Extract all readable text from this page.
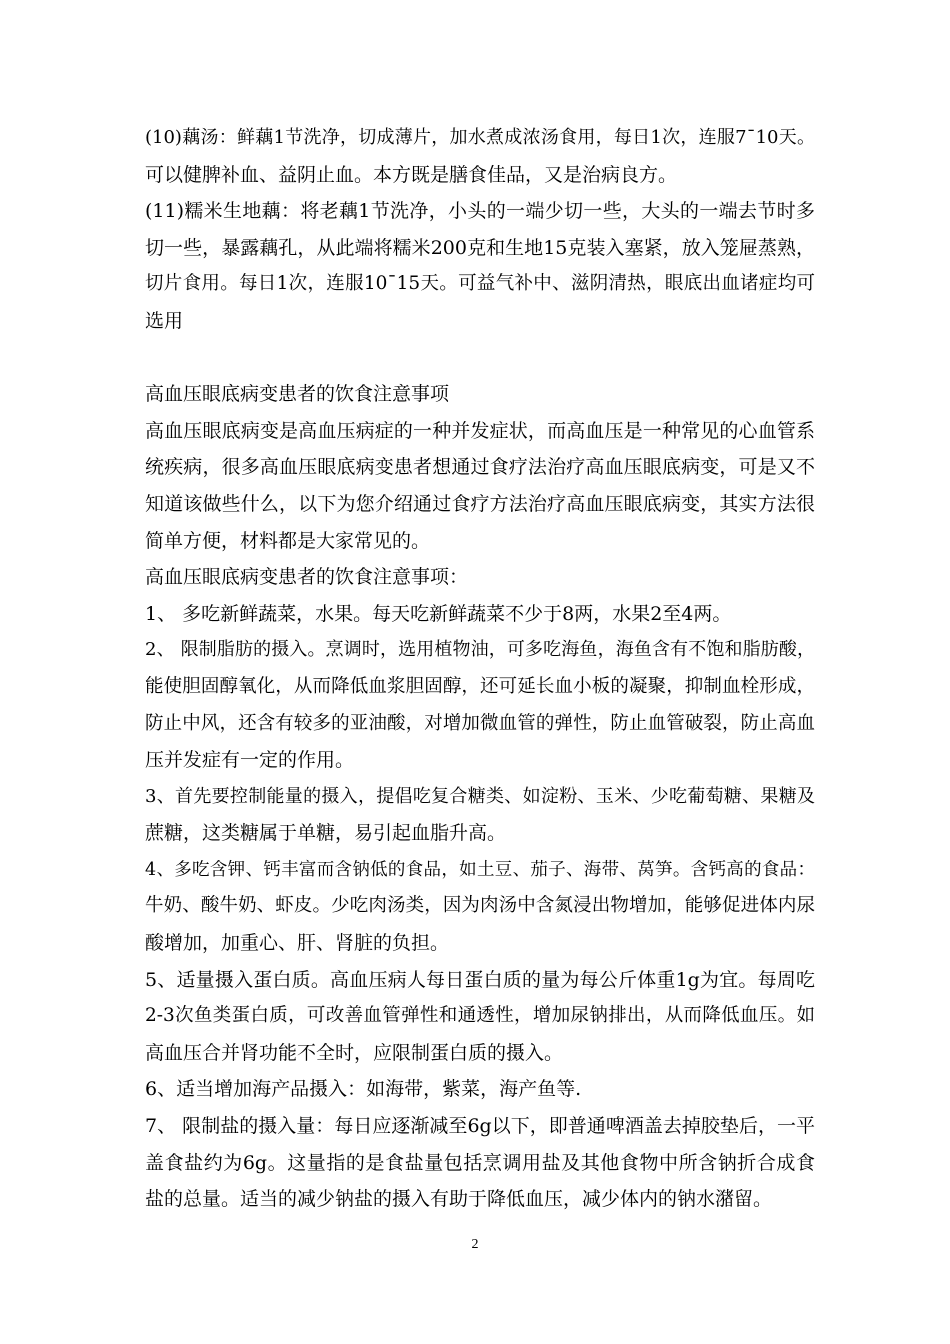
(10)藕汤：鲜藕1节洗净，切成薄片，加水煮成浓汤食用，每日1次，连服7¯10天。
可以健脾补血、益阴止血。本方既是膳食佳品，又是治病良方。
(11)糯米生地藕：将老藕1节洗净，小头的一端少切一些，大头的一端去节时多
切一些，暴露藕孔，从此端将糯米200克和生地15克装入塞紧，放入笼屉蒸熟，
切片食用。每日1次，连服10¯15天。可益气补中、滋阴清热，眼底出血诸症均可
选用
高血压眼底病变患者的饮食注意事项
高血压眼底病变是高血压病症的一种并发症状，而高血压是一种常见的心血管系
统疾病，很多高血压眼底病变患者想通过食疗法治疗高血压眼底病变，可是又不
知道该做些什么，以下为您介绍通过食疗方法治疗高血压眼底病变，其实方法很
简单方便，材料都是大家常见的。
高血压眼底病变患者的饮食注意事项：
1、 多吃新鲜蔬菜，水果。每天吃新鲜蔬菜不少于8两，水果2至4两。
2、 限制脂肪的摄入。烹调时，选用植物油，可多吃海鱼，海鱼含有不饱和脂肪酸，
能使胆固醇氧化，从而降低血浆胆固醇，还可延长血小板的凝聚，抑制血栓形成，
防止中风，还含有较多的亚油酸，对增加微血管的弹性，防止血管破裂，防止高血
压并发症有一定的作用。
3、首先要控制能量的摄入，提倡吃复合糖类、如淀粉、玉米、少吃葡萄糖、果糖及
蔗糖，这类糖属于单糖，易引起血脂升高。
4、多吃含钾、钙丰富而含钠低的食品，如土豆、茄子、海带、莴笋。含钙高的食品：
牛奶、酸牛奶、虾皮。少吃肉汤类，因为肉汤中含氮浸出物增加，能够促进体内尿
酸增加，加重心、肝、肾脏的负担。
5、适量摄入蛋白质。高血压病人每日蛋白质的量为每公斤体重1g为宜。每周吃
2-3次鱼类蛋白质，可改善血管弹性和通透性，增加尿钠排出，从而降低血压。如
高血压合并肾功能不全时，应限制蛋白质的摄入。
6、适当增加海产品摄入：如海带，紫菜，海产鱼等.
7、 限制盐的摄入量：每日应逐渐减至6g以下，即普通啤酒盖去掉胶垫后，一平
盖食盐约为6g。这量指的是食盐量包括烹调用盐及其他食物中所含钠折合成食
盐的总量。适当的减少钠盐的摄入有助于降低血压，减少体内的钠水潴留。
2
